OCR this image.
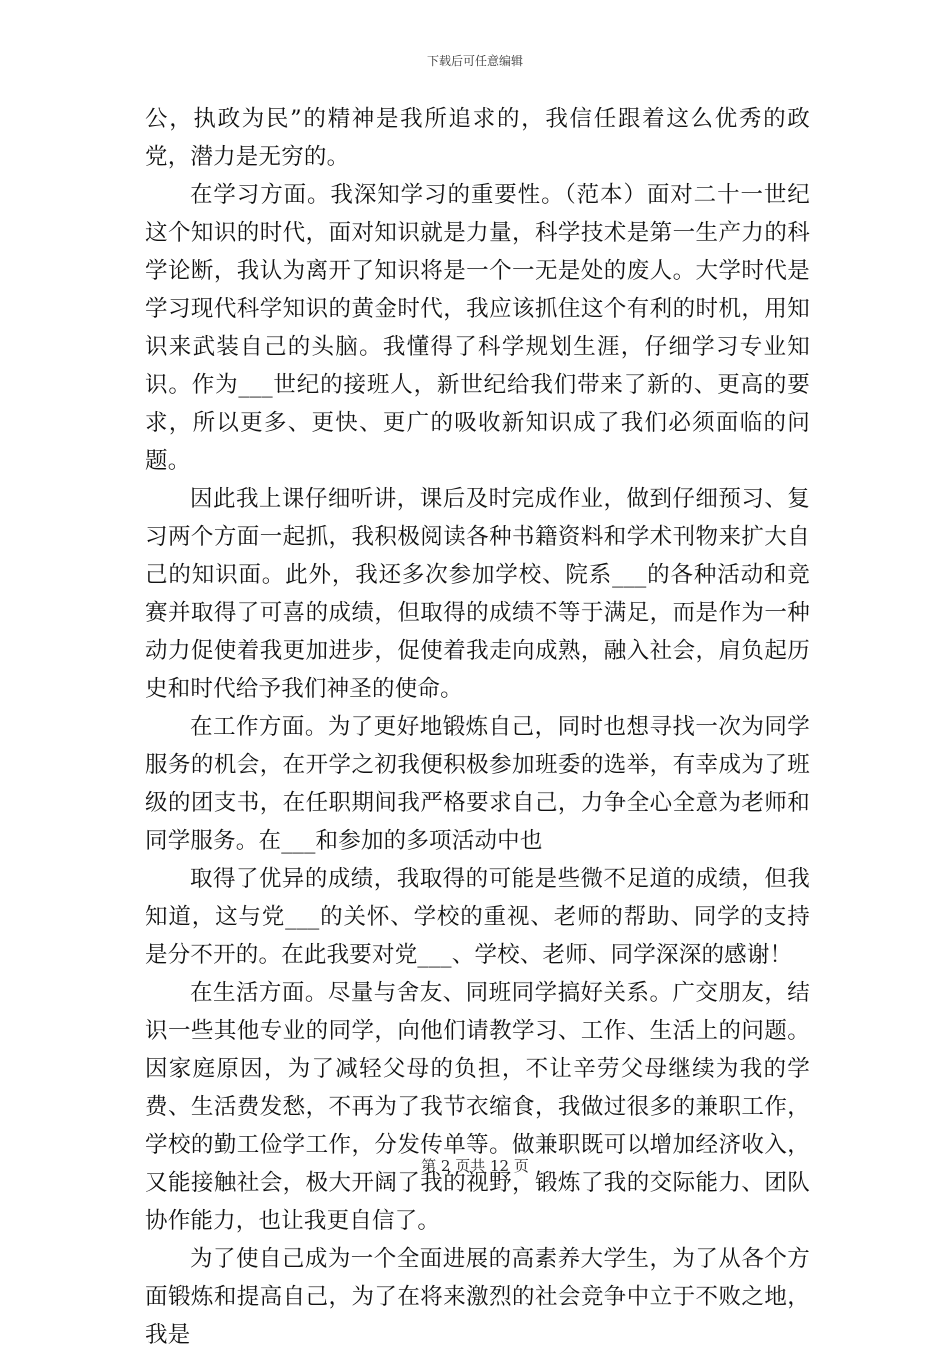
下载后可任意编辑

公，执政为民”的精神是我所追求的，我信任跟着这么优秀的政党，潜力是无穷的。

在学习方面。我深知学习的重要性。（范本）面对二十一世纪这个知识的时代，面对知识就是力量，科学技术是第一生产力的科学论断，我认为离开了知识将是一个一无是处的废人。大学时代是学习现代科学知识的黄金时代，我应该抓住这个有利的时机，用知识来武装自己的头脑。我懂得了科学规划生涯，仔细学习专业知识。作为___世纪的接班人，新世纪给我们带来了新的、更高的要求，所以更多、更快、更广的吸收新知识成了我们必须面临的问题。

因此我上课仔细听讲，课后及时完成作业，做到仔细预习、复习两个方面一起抓，我积极阅读各种书籍资料和学术刊物来扩大自己的知识面。此外，我还多次参加学校、院系___的各种活动和竞赛并取得了可喜的成绩，但取得的成绩不等于满足，而是作为一种动力促使着我更加进步，促使着我走向成熟，融入社会，肩负起历史和时代给予我们神圣的使命。

在工作方面。为了更好地锻炼自己，同时也想寻找一次为同学服务的机会，在开学之初我便积极参加班委的选举，有幸成为了班级的团支书，在任职期间我严格要求自己，力争全心全意为老师和同学服务。在___和参加的多项活动中也

取得了优异的成绩，我取得的可能是些微不足道的成绩，但我知道，这与党___的关怀、学校的重视、老师的帮助、同学的支持是分不开的。在此我要对党___、学校、老师、同学深深的感谢！

在生活方面。尽量与舍友、同班同学搞好关系。广交朋友，结识一些其他专业的同学，向他们请教学习、工作、生活上的问题。因家庭原因，为了减轻父母的负担，不让辛劳父母继续为我的学费、生活费发愁，不再为了我节衣缩食，我做过很多的兼职工作，学校的勤工俭学工作，分发传单等。做兼职既可以增加经济收入，又能接触社会，极大开阔了我的视野，锻炼了我的交际能力、团队协作能力，也让我更自信了。

为了使自己成为一个全面进展的高素养大学生，为了从各个方面锻炼和提高自己，为了在将来激烈的社会竞争中立于不败之地，我是

第 2 页共 12 页
